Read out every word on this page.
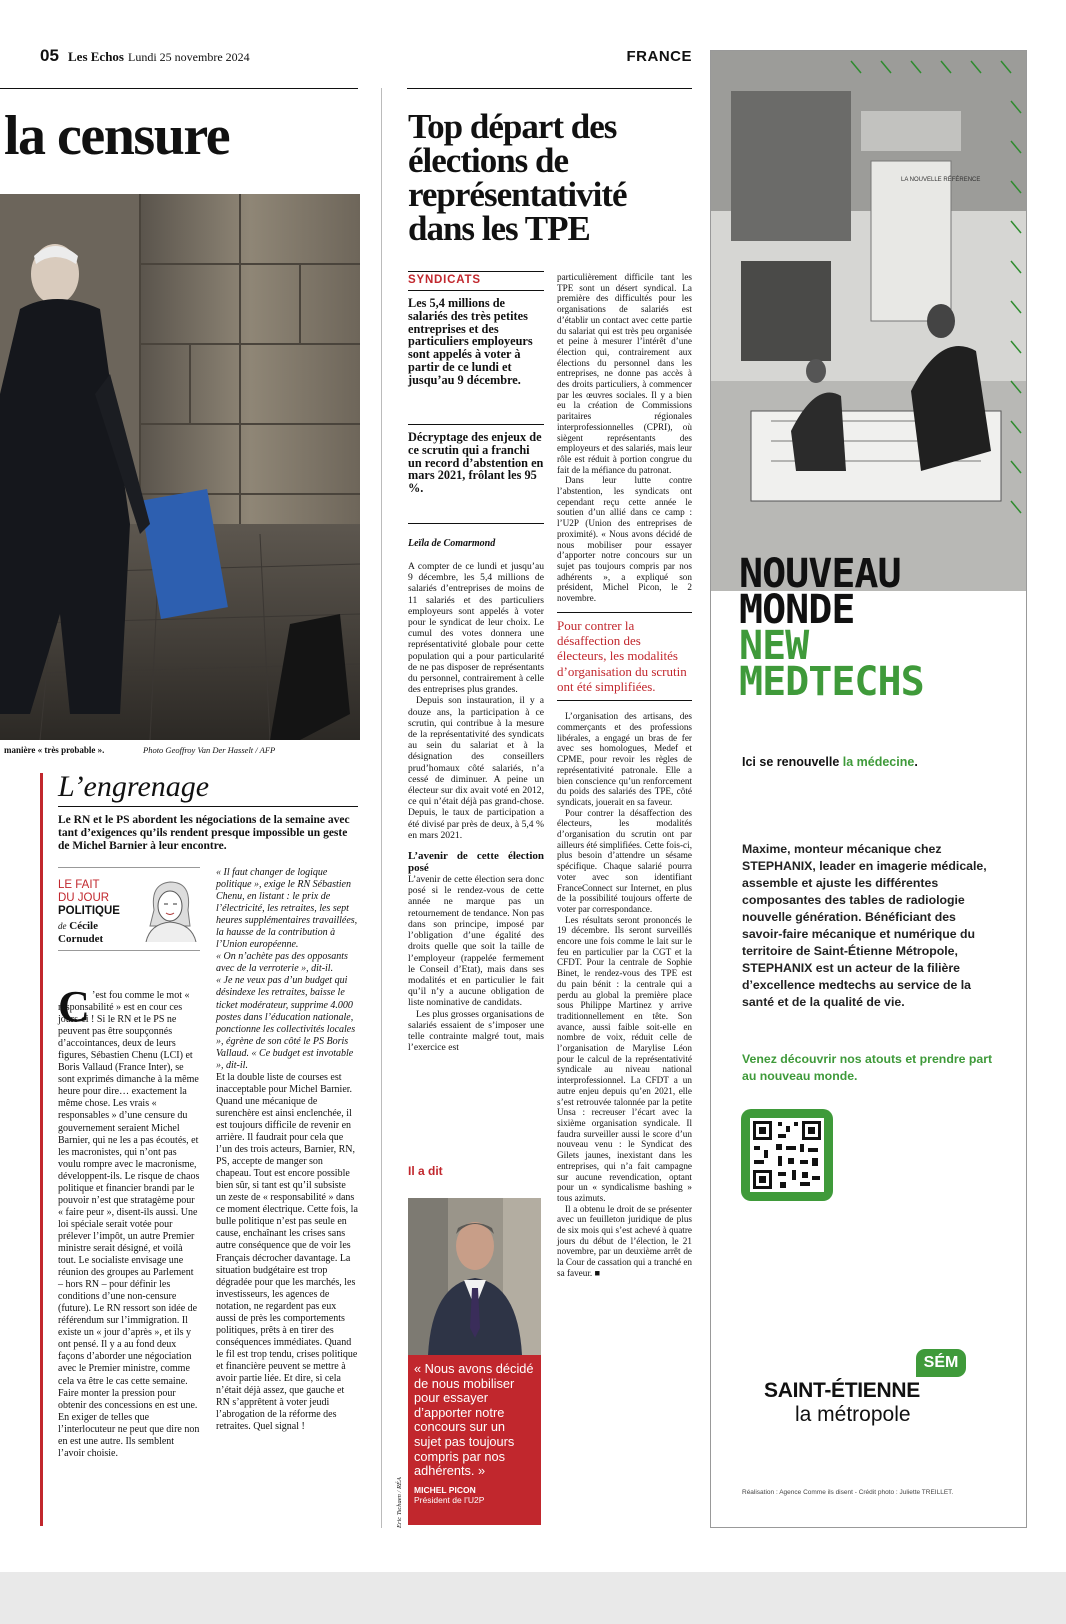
05 Les Echos Lundi 25 novembre 2024	FRANCE
la censure
manière « très probable ».	Photo Geoffroy Van Der Hasselt / AFP
L’engrenage
Le RN et le PS abordent les négociations de la semaine avec tant d’exigences qu’ils rendent presque impossible un geste de Michel Barnier à leur encontre.
LE FAIT
DU JOUR
POLITIQUE
de Cécile
Cornudet
C ’est fou comme le mot « responsabilité » est en cour ces jours-ci ! Si le RN et le PS ne peuvent pas être soupçonnés d’accointances, deux de leurs figures, Sébastien Chenu (LCI) et Boris Vallaud (France Inter), se sont exprimés dimanche à la même heure pour dire… exactement la même chose. Les vrais « responsables » d’une censure du gouvernement seraient Michel Barnier, qui ne les a pas écoutés, et les macronistes, qui n’ont pas voulu rompre avec le macronisme, développent-ils. Le risque de chaos politique et financier brandi par le pouvoir n’est que stratagème pour « faire peur », disent-ils aussi. Une loi spéciale serait votée pour prélever l’impôt, un autre Premier ministre serait désigné, et voilà tout. Le socialiste envisage une réunion des groupes au Parlement – hors RN – pour définir les conditions d’une non-censure (future). Le RN ressort son idée de référendum sur l’immigration. Il existe un « jour d’après », et ils y ont pensé. Il y a au fond deux façons d’aborder une négociation avec le Premier ministre, comme cela va être le cas cette semaine. Faire monter la pression pour obtenir des concessions en est une. En exiger de telles que l’interlocuteur ne peut que dire non en est une autre. Ils semblent l’avoir choisie.
« Il faut changer de logique politique », exige le RN Sébastien Chenu, en listant : le prix de l’électricité, les retraites, les sept heures supplémentaires travaillées, la hausse de la contribution à l’Union européenne.
« On n’achète pas des opposants avec de la verroterie », dit-il.
« Je ne veux pas d’un budget qui désindexe les retraites, baisse le ticket modérateur, supprime 4.000 postes dans l’éducation nationale, ponctionne les collectivités locales », égrène de son côté le PS Boris Vallaud. « Ce budget est invotable », dit-il.
Et la double liste de courses est inacceptable pour Michel Barnier. Quand une mécanique de surenchère est ainsi enclenchée, il est toujours difficile de revenir en arrière. Il faudrait pour cela que l’un des trois acteurs, Barnier, RN, PS, accepte de manger son chapeau. Tout est encore possible bien sûr, si tant est qu’il subsiste un zeste de « responsabilité » dans ce moment électrique. Cette fois, la bulle politique n’est pas seule en cause, enchaînant les crises sans autre conséquence que de voir les Français décrocher davantage. La situation budgétaire est trop dégradée pour que les marchés, les investisseurs, les agences de notation, ne regardent pas eux aussi de près les comportements politiques, prêts à en tirer des conséquences immédiates. Quand le fil est trop tendu, crises politique et financière peuvent se mettre à avoir partie liée. Et dire, si cela n’était déjà assez, que gauche et RN s’apprêtent à voter jeudi l’abrogation de la réforme des retraites. Quel signal !
Top départ des élections de représentativité dans les TPE
SYNDICATS
Les 5,4 millions de salariés des très petites entreprises et des particuliers employeurs sont appelés à voter à partir de ce lundi et jusqu’au 9 décembre.
Décryptage des enjeux de ce scrutin qui a franchi un record d’abstention en mars 2021, frôlant les 95 %.
Leïla de Comarmond
A compter de ce lundi et jusqu’au 9 décembre, les 5,4 millions de salariés d’entreprises de moins de 11 salariés et des particuliers employeurs sont appelés à voter pour le syndicat de leur choix. Le cumul des votes donnera une représentativité globale pour cette population qui a pour particularité de ne pas disposer de représentants du personnel, contrairement à celle des entreprises plus grandes.
Depuis son instauration, il y a douze ans, la participation à ce scrutin, qui contribue à la mesure de la représentativité des syndicats au sein du salariat et à la désignation des conseillers prud’homaux côté salariés, n’a cessé de diminuer. A peine un électeur sur dix avait voté en 2012, ce qui n’était déjà pas grand-chose. Depuis, le taux de participation a été divisé par près de deux, à 5,4 % en mars 2021.
L’avenir de cette élection posé
L’avenir de cette élection sera donc posé si le rendez-vous de cette année ne marque pas un retournement de tendance. Non pas dans son principe, imposé par l’obligation d’une égalité des droits quelle que soit la taille de l’employeur (rappelée fermement le Conseil d’Etat), mais dans ses modalités et en particulier le fait qu’il n’y a aucune obligation de liste nominative de candidats.
Les plus grosses organisations de salariés essaient de s’imposer une telle contrainte malgré tout, mais l’exercice est
Il a dit
« Nous avons décidé de nous mobiliser pour essayer d’apporter notre concours sur un sujet pas toujours compris par nos adhérents. »
MICHEL PICON
Président de l’U2P
Eric Tschaen / RÉA
particulièrement difficile tant les TPE sont un désert syndical. La première des difficultés pour les organisations de salariés est d’établir un contact avec cette partie du salariat qui est très peu organisée et peine à mesurer l’intérêt d’une élection qui, contrairement aux élections du personnel dans les entreprises, ne donne pas accès à des droits particuliers, à commencer par les œuvres sociales. Il y a bien eu la création de Commissions paritaires régionales interprofessionnelles (CPRI), où siègent représentants des employeurs et des salariés, mais leur rôle est réduit à portion congrue du fait de la méfiance du patronat.
Dans leur lutte contre l’abstention, les syndicats ont cependant reçu cette année le soutien d’un allié dans ce camp : l’U2P (Union des entreprises de proximité). « Nous avons décidé de nous mobiliser pour essayer d’apporter notre concours sur un sujet pas toujours compris par nos adhérents », a expliqué son président, Michel Picon, le 2 novembre.
Pour contrer la désaffection des électeurs, les modalités d’organisation du scrutin ont été simplifiées.
L’organisation des artisans, des commerçants et des professions libérales, a engagé un bras de fer avec ses homologues, Medef et CPME, pour revoir les règles de représentativité patronale. Elle a bien conscience qu’un renforcement du poids des salariés des TPE, côté syndicats, jouerait en sa faveur.
Pour contrer la désaffection des électeurs, les modalités d’organisation du scrutin ont par ailleurs été simplifiées. Cette fois-ci, plus besoin d’attendre un sésame spécifique. Chaque salarié pourra voter avec son identifiant FranceConnect sur Internet, en plus de la possibilité toujours offerte de voter par correspondance.
Les résultats seront prononcés le 19 décembre. Ils seront surveillés encore une fois comme le lait sur le feu en particulier par la CGT et la CFDT. Pour la centrale de Sophie Binet, le rendez-vous des TPE est du pain bénit : la centrale qui a perdu au global la première place sous Philippe Martinez y arrive traditionnellement en tête. Son avance, aussi faible soit-elle en nombre de voix, réduit celle de l’organisation de Marylise Léon pour le calcul de la représentativité syndicale au niveau national interprofessionnel. La CFDT a un autre enjeu depuis qu’en 2021, elle s’est retrouvée talonnée par la petite Unsa : recreuser l’écart avec la sixième organisation syndicale. Il faudra surveiller aussi le score d’un nouveau venu : le Syndicat des Gilets jaunes, inexistant dans les entreprises, qui n’a fait campagne sur aucune revendication, optant pour un « syndicalisme bashing » tous azimuts.
Il a obtenu le droit de se présenter avec un feuilleton juridique de plus de six mois qui s’est achevé à quatre jours du début de l’élection, le 21 novembre, par un deuxième arrêt de la Cour de cassation qui a tranché en sa faveur. ■
LA NOUVELLE RÉFÉRENCE
NOUVEAU
MONDE
NEW
MEDTECHS
Ici se renouvelle la médecine.
Maxime, monteur mécanique chez STEPHANIX, leader en imagerie médicale, assemble et ajuste les différentes composantes des tables de radiologie nouvelle génération. Bénéficiant des savoir-faire mécanique et numérique du territoire de Saint-Étienne Métropole, STEPHANIX est un acteur de la filière d’excellence medtechs au service de la santé et de la qualité de vie.
Venez découvrir nos atouts et prendre part au nouveau monde.
SÉM
SAINT-ÉTIENNE
la métropole
Réalisation : Agence Comme ils disent - Crédit photo : Juliette TREILLET.
